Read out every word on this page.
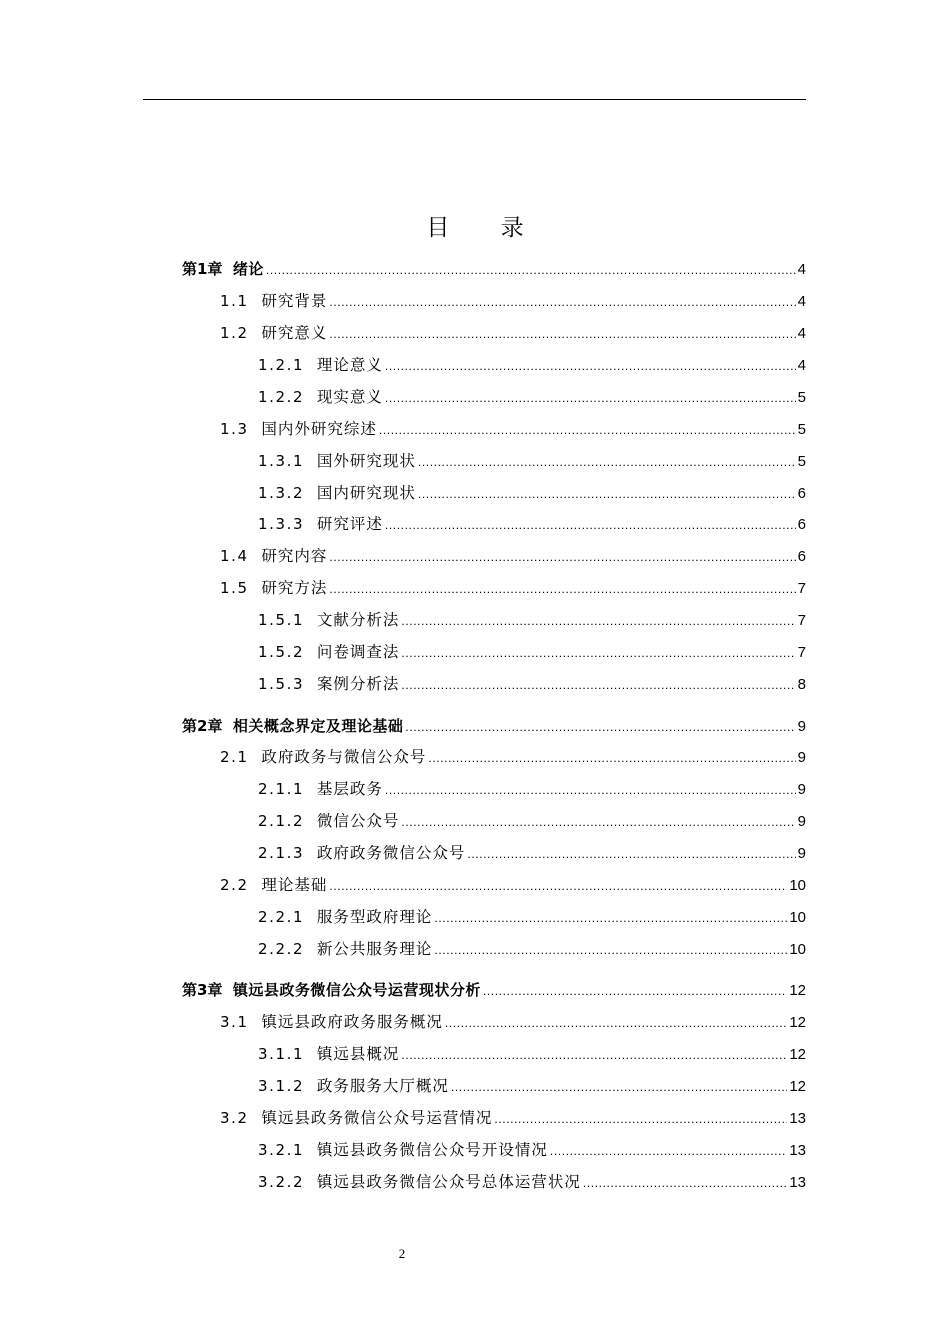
目 录
第1章 绪论 .....	4
1.1 研究背景 .....	4
1.2 研究意义 .....	4
1.2.1 理论意义 .....	4
1.2.2 现实意义 .....	5
1.3 国内外研究综述 .....	5
1.3.1 国外研究现状 .....	5
1.3.2 国内研究现状 .....	6
1.3.3 研究评述 .....	6
1.4 研究内容 .....	6
1.5 研究方法 .....	7
1.5.1 文献分析法 .....	7
1.5.2 问卷调查法 .....	7
1.5.3 案例分析法 .....	8
第2章 相关概念界定及理论基础 .....	9
2.1 政府政务与微信公众号 .....	9
2.1.1 基层政务 .....	9
2.1.2 微信公众号 .....	9
2.1.3 政府政务微信公众号 .....	9
2.2 理论基础 .....	10
2.2.1 服务型政府理论 .....	10
2.2.2 新公共服务理论 .....	10
第3章 镇远县政务微信公众号运营现状分析 .....	12
3.1 镇远县政府政务服务概况 .....	12
3.1.1 镇远县概况 .....	12
3.1.2 政务服务大厅概况 .....	12
3.2 镇远县政务微信公众号运营情况 .....	13
3.2.1 镇远县政务微信公众号开设情况 .....	13
3.2.2 镇远县政务微信公众号总体运营状况 .....	13
2
